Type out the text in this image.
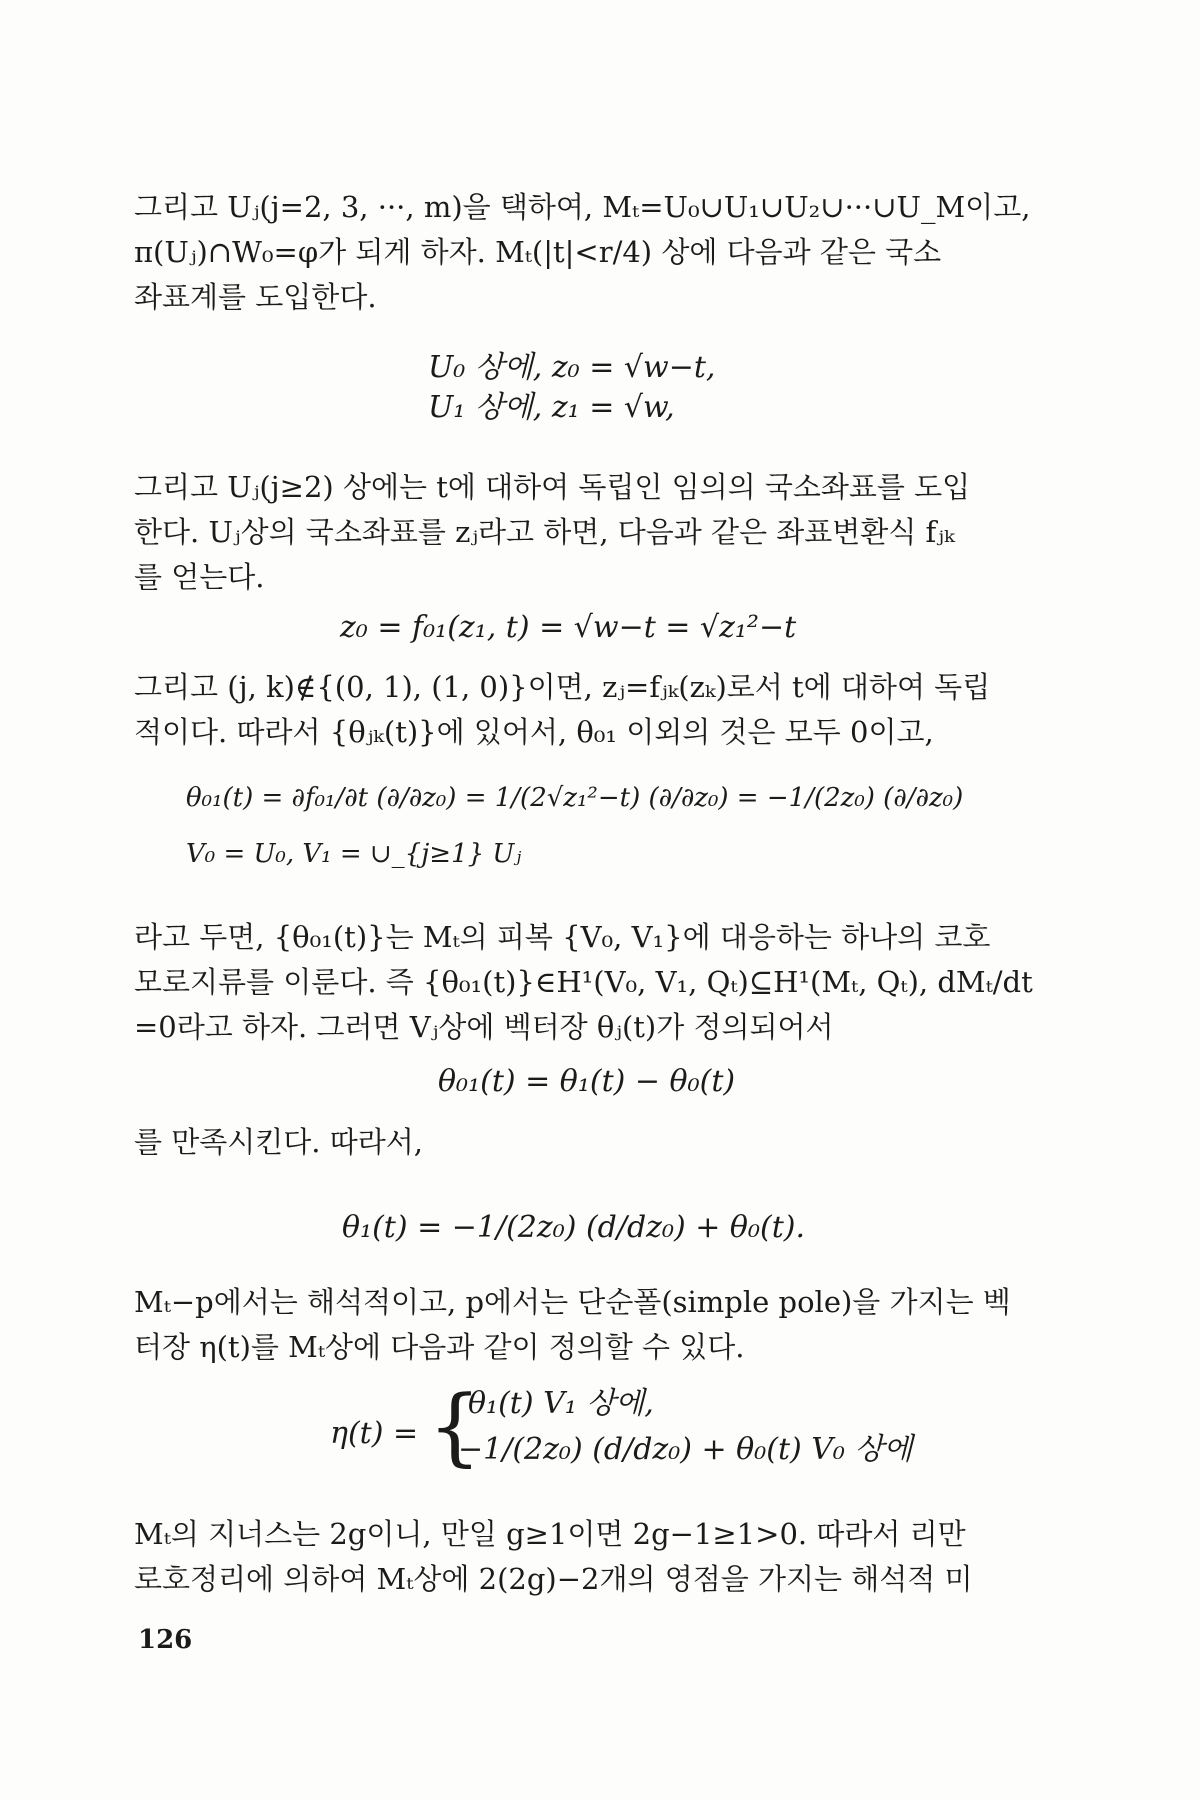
그리고 Uⱼ(j=2, 3, ···, m)을 택하여, Mₜ=U₀∪U₁∪U₂∪···∪U_M이고,
π(Uⱼ)∩W₀=φ가 되게 하자. Mₜ(|t|<r/4) 상에 다음과 같은 국소
좌표계를 도입한다.

U₀ 상에, z₀ = √w−t,
U₁ 상에, z₁ = √w,

그리고 Uⱼ(j≥2) 상에는 t에 대하여 독립인 임의의 국소좌표를 도입
한다. Uⱼ상의 국소좌표를 zⱼ라고 하면, 다음과 같은 좌표변환식 fⱼₖ
를 얻는다.

z₀ = f₀₁(z₁, t) = √w−t = √z₁²−t

그리고 (j, k)∉{(0, 1), (1, 0)}이면, zⱼ=fⱼₖ(zₖ)로서 t에 대하여 독립
적이다. 따라서 {θⱼₖ(t)}에 있어서, θ₀₁ 이외의 것은 모두 0이고,

θ₀₁(t) = ∂f₀₁/∂t (∂/∂z₀) = 1/(2√z₁²−t) (∂/∂z₀) = −1/(2z₀) (∂/∂z₀)
V₀ = U₀, V₁ = ∪_{j≥1} Uⱼ

라고 두면, {θ₀₁(t)}는 Mₜ의 피복 {V₀, V₁}에 대응하는 하나의 코호
모로지류를 이룬다. 즉 {θ₀₁(t)}∈H¹(V₀, V₁, Qₜ)⊆H¹(Mₜ, Qₜ), dMₜ/dt
=0라고 하자. 그러면 Vⱼ상에 벡터장 θⱼ(t)가 정의되어서

θ₀₁(t) = θ₁(t) − θ₀(t)

를 만족시킨다. 따라서,

θ₁(t) = −1/(2z₀) (d/dz₀) + θ₀(t).

Mₜ−p에서는 해석적이고, p에서는 단순폴(simple pole)을 가지는 벡
터장 η(t)를 Mₜ상에 다음과 같이 정의할 수 있다.

η(t) = {
θ₁(t) V₁ 상에,
−1/(2z₀) (d/dz₀) + θ₀(t) V₀ 상에

Mₜ의 지너스는 2g이니, 만일 g≥1이면 2g−1≥1>0. 따라서 리만
로호정리에 의하여 Mₜ상에 2(2g)−2개의 영점을 가지는 해석적 미

126
